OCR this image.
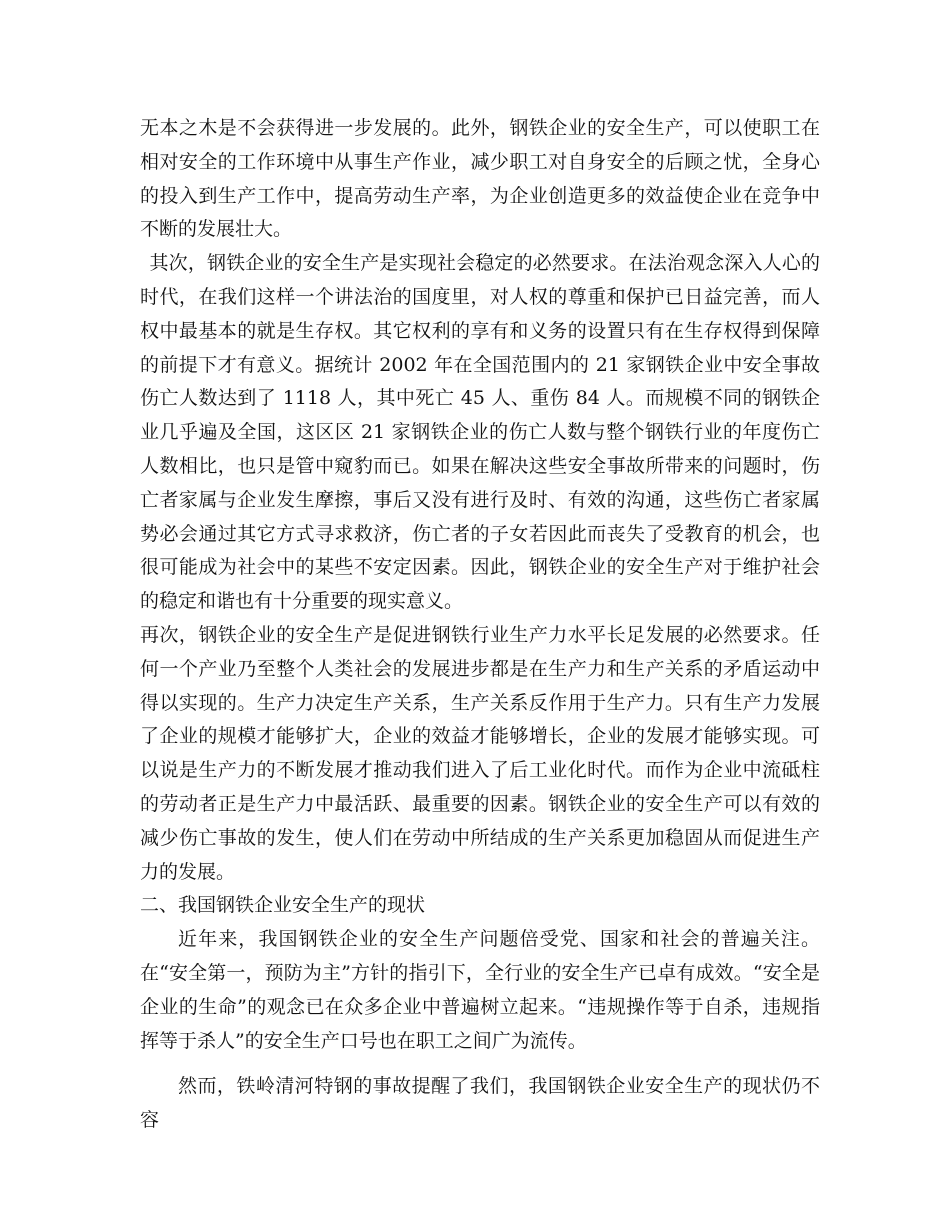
无本之木是不会获得进一步发展的。此外，钢铁企业的安全生产，可以使职工在相对安全的工作环境中从事生产作业，减少职工对自身安全的后顾之忧，全身心的投入到生产工作中，提高劳动生产率，为企业创造更多的效益使企业在竞争中不断的发展壮大。

其次，钢铁企业的安全生产是实现社会稳定的必然要求。在法治观念深入人心的时代，在我们这样一个讲法治的国度里，对人权的尊重和保护已日益完善，而人权中最基本的就是生存权。其它权利的享有和义务的设置只有在生存权得到保障的前提下才有意义。据统计 2002 年在全国范围内的 21 家钢铁企业中安全事故伤亡人数达到了 1118 人，其中死亡 45 人、重伤 84 人。而规模不同的钢铁企业几乎遍及全国，这区区 21 家钢铁企业的伤亡人数与整个钢铁行业的年度伤亡人数相比，也只是管中窥豹而已。如果在解决这些安全事故所带来的问题时，伤亡者家属与企业发生摩擦，事后又没有进行及时、有效的沟通，这些伤亡者家属势必会通过其它方式寻求救济，伤亡者的子女若因此而丧失了受教育的机会，也很可能成为社会中的某些不安定因素。因此，钢铁企业的安全生产对于维护社会的稳定和谐也有十分重要的现实意义。

再次，钢铁企业的安全生产是促进钢铁行业生产力水平长足发展的必然要求。任何一个产业乃至整个人类社会的发展进步都是在生产力和生产关系的矛盾运动中得以实现的。生产力决定生产关系，生产关系反作用于生产力。只有生产力发展了企业的规模才能够扩大，企业的效益才能够增长，企业的发展才能够实现。可以说是生产力的不断发展才推动我们进入了后工业化时代。而作为企业中流砥柱的劳动者正是生产力中最活跃、最重要的因素。钢铁企业的安全生产可以有效的减少伤亡事故的发生，使人们在劳动中所结成的生产关系更加稳固从而促进生产力的发展。

二、我国钢铁企业安全生产的现状

近年来，我国钢铁企业的安全生产问题倍受党、国家和社会的普遍关注。在“安全第一，预防为主”方针的指引下，全行业的安全生产已卓有成效。“安全是企业的生命”的观念已在众多企业中普遍树立起来。“违规操作等于自杀，违规指挥等于杀人”的安全生产口号也在职工之间广为流传。

然而，铁岭清河特钢的事故提醒了我们，我国钢铁企业安全生产的现状仍不容
